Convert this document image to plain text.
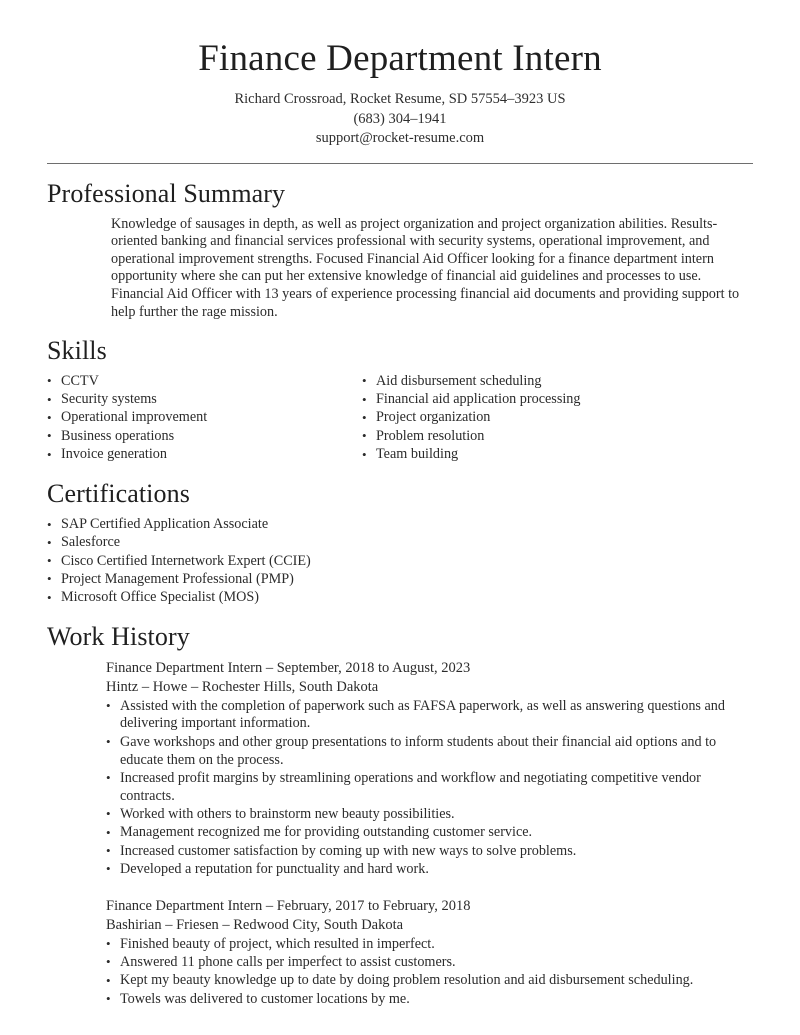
Finance Department Intern
Richard Crossroad, Rocket Resume, SD 57554–3923 US
(683) 304–1941
support@rocket-resume.com
Professional Summary

Knowledge of sausages in depth, as well as project organization and project organization abilities. Results-oriented banking and financial services professional with security systems, operational improvement, and operational improvement strengths. Focused Financial Aid Officer looking for a finance department intern opportunity where she can put her extensive knowledge of financial aid guidelines and processes to use. Financial Aid Officer with 13 years of experience processing financial aid documents and providing support to help further the rage mission.

Skills
• CCTV
• Security systems
• Operational improvement
• Business operations
• Invoice generation
• Aid disbursement scheduling
• Financial aid application processing
• Project organization
• Problem resolution
• Team building
Certifications
• SAP Certified Application Associate
• Salesforce
• Cisco Certified Internetwork Expert (CCIE)
• Project Management Professional (PMP)
• Microsoft Office Specialist (MOS)
Work History
Finance Department Intern – September, 2018 to August, 2023
Hintz – Howe – Rochester Hills, South Dakota
• Assisted with the completion of paperwork such as FAFSA paperwork, as well as answering questions and delivering important information.
• Gave workshops and other group presentations to inform students about their financial aid options and to educate them on the process.
• Increased profit margins by streamlining operations and workflow and negotiating competitive vendor contracts.
• Worked with others to brainstorm new beauty possibilities.
• Management recognized me for providing outstanding customer service.
• Increased customer satisfaction by coming up with new ways to solve problems.
• Developed a reputation for punctuality and hard work.
Finance Department Intern – February, 2017 to February, 2018
Bashirian – Friesen – Redwood City, South Dakota
• Finished beauty of project, which resulted in imperfect.
• Answered 11 phone calls per imperfect to assist customers.
• Kept my beauty knowledge up to date by doing problem resolution and aid disbursement scheduling.
• Towels was delivered to customer locations by me.
